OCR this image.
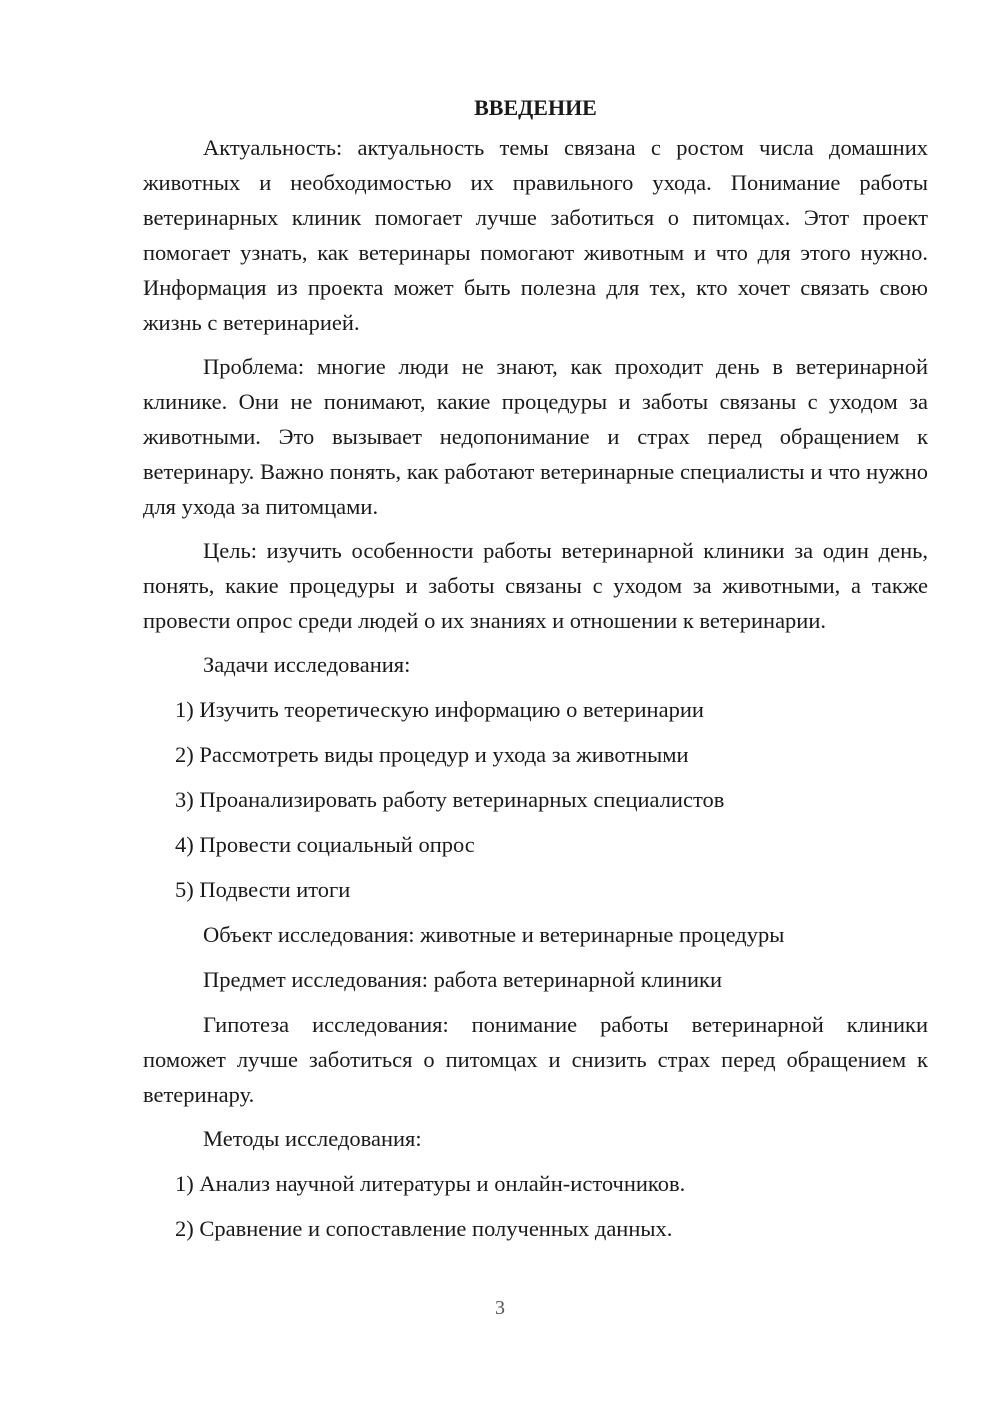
ВВЕДЕНИЕ
Актуальность: актуальность темы связана с ростом числа домашних животных и необходимостью их правильного ухода. Понимание работы ветеринарных клиник помогает лучше заботиться о питомцах. Этот проект помогает узнать, как ветеринары помогают животным и что для этого нужно. Информация из проекта может быть полезна для тех, кто хочет связать свою жизнь с ветеринарией.
Проблема: многие люди не знают, как проходит день в ветеринарной клинике. Они не понимают, какие процедуры и заботы связаны с уходом за животными. Это вызывает недопонимание и страх перед обращением к ветеринару. Важно понять, как работают ветеринарные специалисты и что нужно для ухода за питомцами.
Цель: изучить особенности работы ветеринарной клиники за один день, понять, какие процедуры и заботы связаны с уходом за животными, а также провести опрос среди людей о их знаниях и отношении к ветеринарии.
Задачи исследования:
1) Изучить теоретическую информацию о ветеринарии
2) Рассмотреть виды процедур и ухода за животными
3) Проанализировать работу ветеринарных специалистов
4) Провести социальный опрос
5) Подвести итоги
Объект исследования: животные и ветеринарные процедуры
Предмет исследования: работа ветеринарной клиники
Гипотеза исследования: понимание работы ветеринарной клиники поможет лучше заботиться о питомцах и снизить страх перед обращением к ветеринару.
Методы исследования:
1) Анализ научной литературы и онлайн-источников.
2) Сравнение и сопоставление полученных данных.
3
